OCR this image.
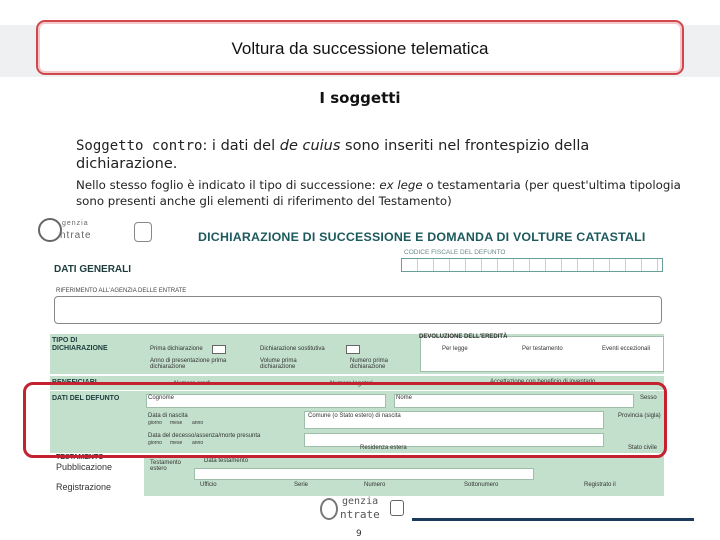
Voltura da successione telematica
I soggetti
Soggetto contro: i dati del de cuius sono inseriti nel frontespizio della dichiarazione.
Nello stesso foglio è indicato il tipo di successione: ex lege o testamentaria (per quest'ultima tipologia sono presenti anche gli elementi di riferimento del Testamento)
genzia
ntrate	DICHIARAZIONE DI SUCCESSIONE E DOMANDA DI VOLTURE CATASTALI
CODICE FISCALE DEL DEFUNTO
DATI GENERALI
RIFERIMENTO ALL'AGENZIA DELLE ENTRATE
TIPO DI DICHIARAZIONE	Prima dichiarazione	Dichiarazione sostitutiva
Anno di presentazione prima dichiarazione
Volume prima dichiarazione
Numero prima dichiarazione
Per legge	Per testamento	Eventi eccezionali
DEVOLUZIONE DELL'EREDITÀ
BENEFICIARI	Numero eredi	Numero legatari	Accettazione con beneficio di inventario
DATI DEL DEFUNTO	Cognome	Nome	Sesso
Data di nascita
giorno mese anno
Comune (o Stato estero) di nascita	Provincia (sigla)
Data del decesso/assenza/morte presunta
giorno mese anno
Residenza estera	Stato civile
TESTAMENTO
Pubblicazione
Registrazione
Testamento estero
Data testamento
Ufficio	Serie	Numero	Sottonumero	Registrato il
genzia
ntrate
9
